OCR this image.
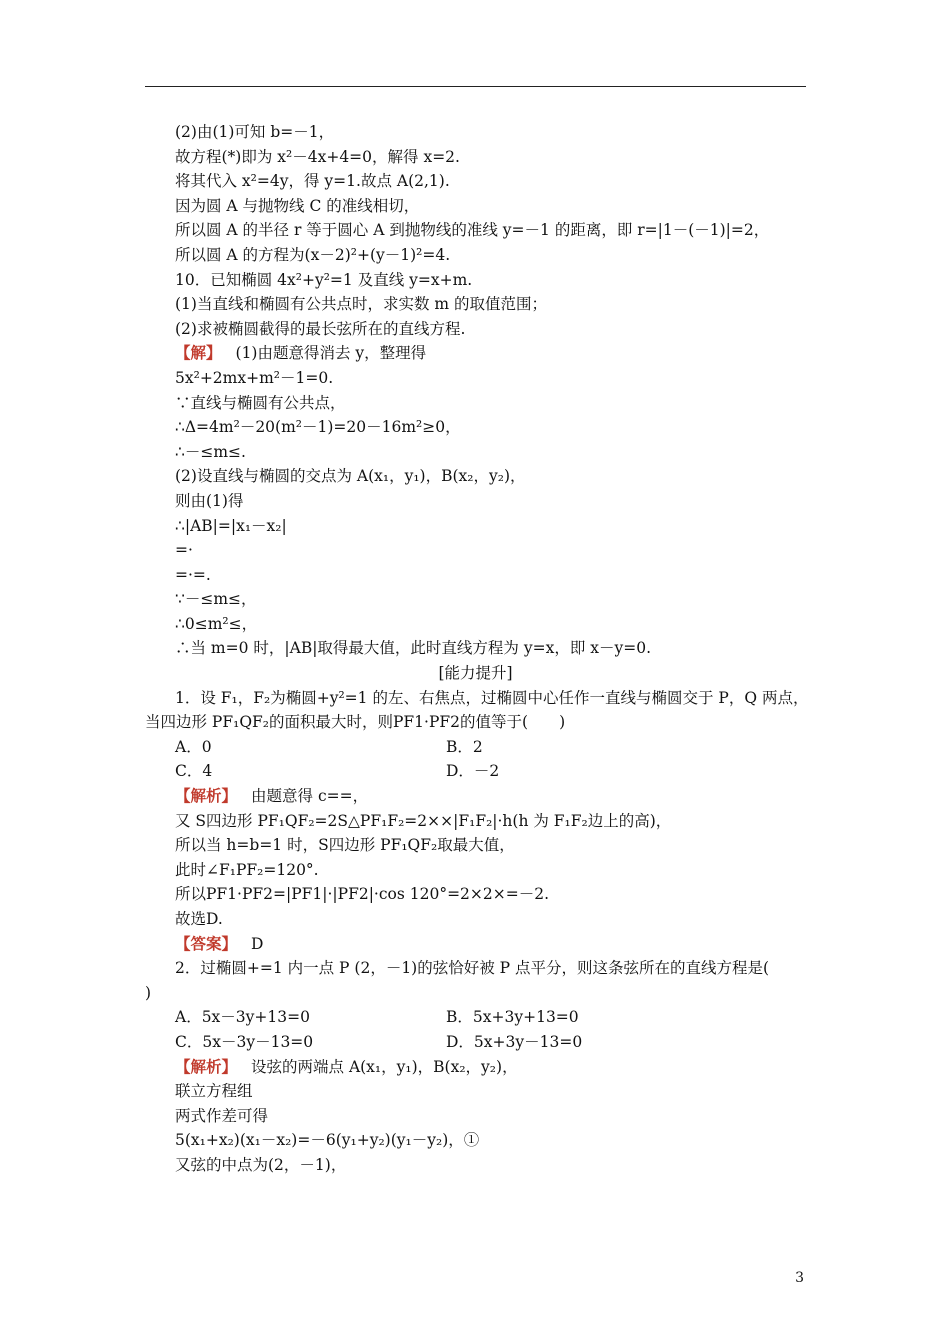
(2)由(1)可知 b=－1，
故方程(*)即为 x²－4x+4=0，解得 x=2.
将其代入 x²=4y，得 y=1.故点 A(2,1).
因为圆 A 与抛物线 C 的准线相切，
所以圆 A 的半径 r 等于圆心 A 到抛物线的准线 y=－1 的距离，即 r=|1－(－1)|=2，
所以圆 A 的方程为(x－2)²+(y－1)²=4.
10．已知椭圆 4x²+y²=1 及直线 y=x+m.
(1)当直线和椭圆有公共点时，求实数 m 的取值范围；
(2)求被椭圆截得的最长弦所在的直线方程.
【解】 (1)由题意得消去 y，整理得
5x²+2mx+m²－1=0.
∵直线与椭圆有公共点，
∴Δ=4m²－20(m²－1)=20－16m²≥0，
∴－≤m≤.
(2)设直线与椭圆的交点为 A(x₁，y₁)，B(x₂，y₂)，
则由(1)得
∴|AB|=|x₁－x₂|
=·
=·=.
∵－≤m≤，
∴0≤m²≤，
∴当 m=0 时，|AB|取得最大值，此时直线方程为 y=x，即 x－y=0.
[能力提升]
1．设 F₁，F₂为椭圆+y²=1 的左、右焦点，过椭圆中心任作一直线与椭圆交于 P，Q 两点，
当四边形 PF₁QF₂的面积最大时，则PF1·PF2的值等于(　　)
A．0	B．2
C．4	D．－2
【解析】 由题意得 c==，
又 S四边形 PF₁QF₂=2S△PF₁F₂=2××|F₁F₂|·h(h 为 F₁F₂边上的高)，
所以当 h=b=1 时，S四边形 PF₁QF₂取最大值，
此时∠F₁PF₂=120°.
所以PF1·PF2=|PF1|·|PF2|·cos 120°=2×2×=－2.
故选D.
【答案】 D
2．过椭圆+=1 内一点 P (2，－1)的弦恰好被 P 点平分，则这条弦所在的直线方程是(
)
A．5x－3y+13=0	B．5x+3y+13=0
C．5x－3y－13=0	D．5x+3y－13=0
【解析】 设弦的两端点 A(x₁，y₁)，B(x₂，y₂)，
联立方程组
两式作差可得
5(x₁+x₂)(x₁－x₂)=－6(y₁+y₂)(y₁－y₂)，①
又弦的中点为(2，－1)，
3
